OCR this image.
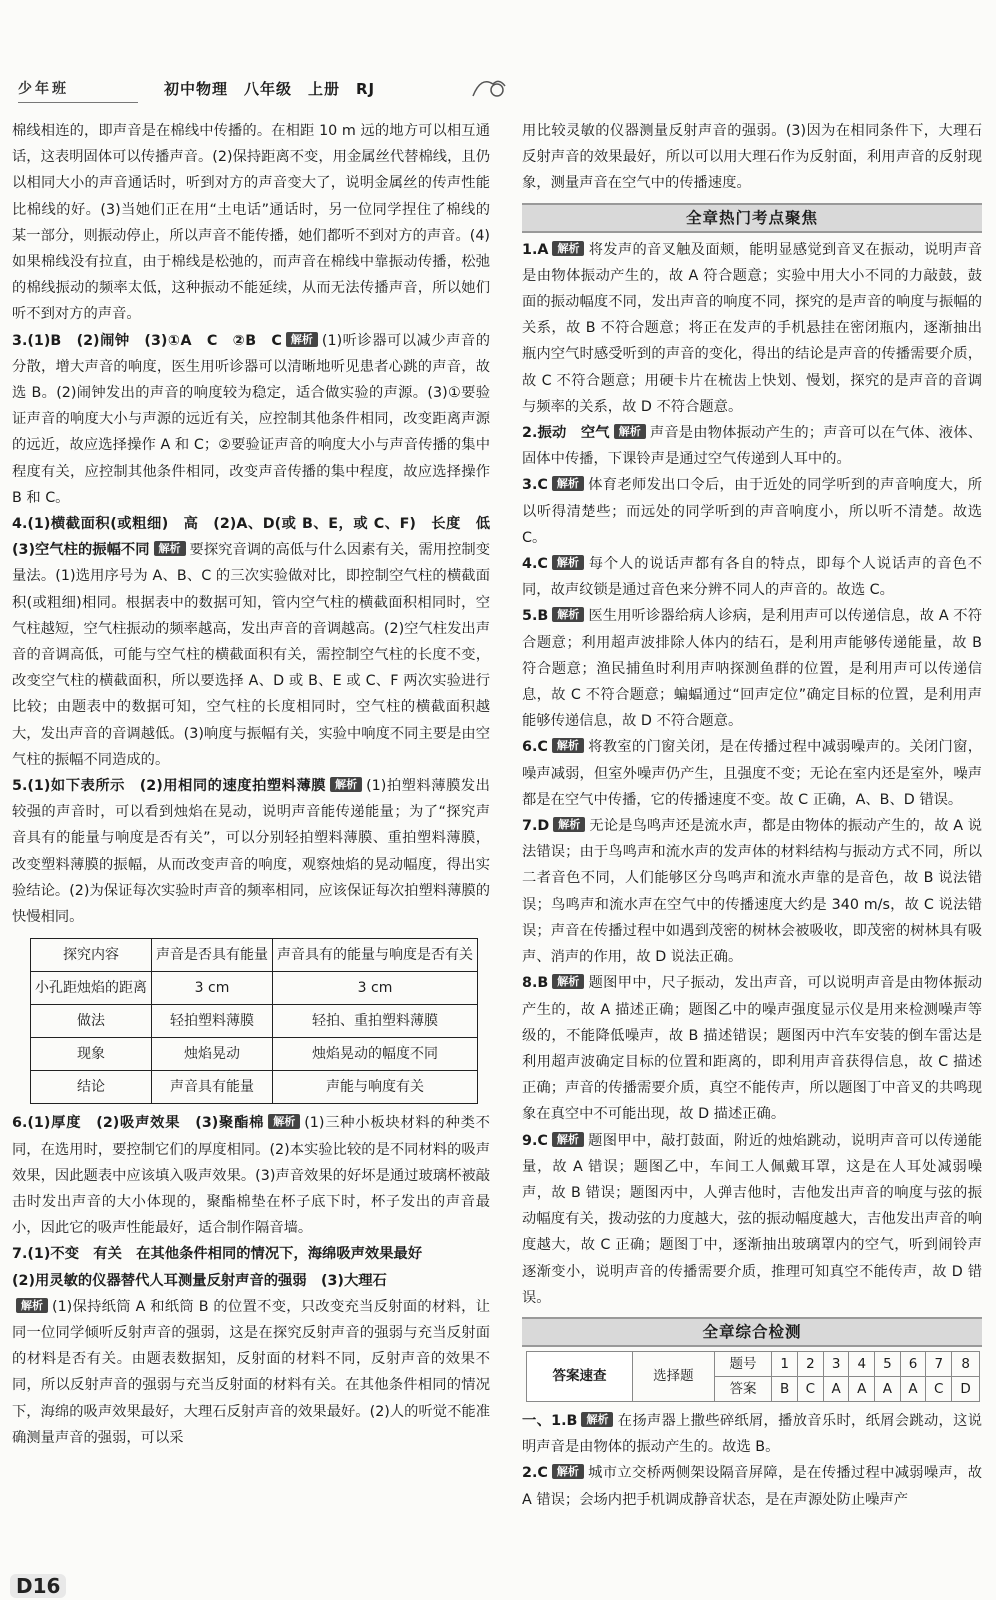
少年班	初中物理　八年级　上册　RJ

棉线相连的，即声音是在棉线中传播的。在相距 10 m 远的地方可以相互通话，这表明固体可以传播声音。(2)保持距离不变，用金属丝代替棉线，且仍以相同大小的声音通话时，听到对方的声音变大了，说明金属丝的传声性能比棉线的好。(3)当她们正在用“土电话”通话时，另一位同学捏住了棉线的某一部分，则振动停止，所以声音不能传播，她们都听不到对方的声音。(4)如果棉线没有拉直，由于棉线是松弛的，而声音在棉线中靠振动传播，松弛的棉线振动的频率太低，这种振动不能延续，从而无法传播声音，所以她们听不到对方的声音。

3.(1)B　(2)闹钟　(3)①A　C　②B　C 解析 (1)听诊器可以减少声音的分散，增大声音的响度，医生用听诊器可以清晰地听见患者心跳的声音，故选 B。(2)闹钟发出的声音的响度较为稳定，适合做实验的声源。(3)①要验证声音的响度大小与声源的远近有关，应控制其他条件相同，改变距离声源的远近，故应选择操作 A 和 C；②要验证声音的响度大小与声音传播的集中程度有关，应控制其他条件相同，改变声音传播的集中程度，故应选择操作 B 和 C。

4.(1)横截面积(或粗细)　高　(2)A、D(或 B、E，或 C、F)　长度　低　(3)空气柱的振幅不同 解析 要探究音调的高低与什么因素有关，需用控制变量法。(1)选用序号为 A、B、C 的三次实验做对比，即控制空气柱的横截面积(或粗细)相同。根据表中的数据可知，管内空气柱的横截面积相同时，空气柱越短，空气柱振动的频率越高，发出声音的音调越高。(2)空气柱发出声音的音调高低，可能与空气柱的横截面积有关，需控制空气柱的长度不变，改变空气柱的横截面积，所以要选择 A、D 或 B、E 或 C、F 两次实验进行比较；由题表中的数据可知，空气柱的长度相同时，空气柱的横截面积越大，发出声音的音调越低。(3)响度与振幅有关，实验中响度不同主要是由空气柱的振幅不同造成的。

5.(1)如下表所示　(2)用相同的速度拍塑料薄膜 解析 (1)拍塑料薄膜发出较强的声音时，可以看到烛焰在晃动，说明声音能传递能量；为了“探究声音具有的能量与响度是否有关”，可以分别轻拍塑料薄膜、重拍塑料薄膜，改变塑料薄膜的振幅，从而改变声音的响度，观察烛焰的晃动幅度，得出实验结论。(2)为保证每次实验时声音的频率相同，应该保证每次拍塑料薄膜的快慢相同。

探究内容	声音是否具有能量	声音具有的能量与响度是否有关
小孔距烛焰的距离	3 cm	3 cm
做法	轻拍塑料薄膜	轻拍、重拍塑料薄膜
现象	烛焰晃动	烛焰晃动的幅度不同
结论	声音具有能量	声能与响度有关

6.(1)厚度　(2)吸声效果　(3)聚酯棉 解析 (1)三种小板块材料的种类不同，在选用时，要控制它们的厚度相同。(2)本实验比较的是不同材料的吸声效果，因此题表中应该填入吸声效果。(3)声音效果的好坏是通过玻璃杯被敲击时发出声音的大小体现的，聚酯棉垫在杯子底下时，杯子发出的声音最小，因此它的吸声性能最好，适合制作隔音墙。

7.(1)不变　有关　在其他条件相同的情况下，海绵吸声效果最好

(2)用灵敏的仪器替代人耳测量反射声音的强弱　(3)大理石

解析 (1)保持纸筒 A 和纸筒 B 的位置不变，只改变充当反射面的材料，让同一位同学倾听反射声音的强弱，这是在探究反射声音的强弱与充当反射面的材料是否有关。由题表数据知，反射面的材料不同，反射声音的效果不同，所以反射声音的强弱与充当反射面的材料有关。在其他条件相同的情况下，海绵的吸声效果最好，大理石反射声音的效果最好。(2)人的听觉不能准确测量声音的强弱，可以采

用比较灵敏的仪器测量反射声音的强弱。(3)因为在相同条件下，大理石反射声音的效果最好，所以可以用大理石作为反射面，利用声音的反射现象，测量声音在空气中的传播速度。

全章热门考点聚焦

1.A 解析 将发声的音叉触及面颊，能明显感觉到音叉在振动，说明声音是由物体振动产生的，故 A 符合题意；实验中用大小不同的力敲鼓，鼓面的振动幅度不同，发出声音的响度不同，探究的是声音的响度与振幅的关系，故 B 不符合题意；将正在发声的手机悬挂在密闭瓶内，逐渐抽出瓶内空气时感受听到的声音的变化，得出的结论是声音的传播需要介质，故 C 不符合题意；用硬卡片在梳齿上快划、慢划，探究的是声音的音调与频率的关系，故 D 不符合题意。

2.振动　空气 解析 声音是由物体振动产生的；声音可以在气体、液体、固体中传播，下课铃声是通过空气传递到人耳中的。

3.C 解析 体育老师发出口令后，由于近处的同学听到的声音响度大，所以听得清楚些；而远处的同学听到的声音响度小，所以听不清楚。故选 C。

4.C 解析 每个人的说话声都有各自的特点，即每个人说话声的音色不同，故声纹锁是通过音色来分辨不同人的声音的。故选 C。

5.B 解析 医生用听诊器给病人诊病，是利用声可以传递信息，故 A 不符合题意；利用超声波排除人体内的结石，是利用声能够传递能量，故 B 符合题意；渔民捕鱼时利用声呐探测鱼群的位置，是利用声可以传递信息，故 C 不符合题意；蝙蝠通过“回声定位”确定目标的位置，是利用声能够传递信息，故 D 不符合题意。

6.C 解析 将教室的门窗关闭，是在传播过程中减弱噪声的。关闭门窗，噪声减弱，但室外噪声仍产生，且强度不变；无论在室内还是室外，噪声都是在空气中传播，它的传播速度不变。故 C 正确，A、B、D 错误。

7.D 解析 无论是鸟鸣声还是流水声，都是由物体的振动产生的，故 A 说法错误；由于鸟鸣声和流水声的发声体的材料结构与振动方式不同，所以二者音色不同，人们能够区分鸟鸣声和流水声靠的是音色，故 B 说法错误；鸟鸣声和流水声在空气中的传播速度大约是 340 m/s，故 C 说法错误；声音在传播过程中如遇到茂密的树林会被吸收，即茂密的树林具有吸声、消声的作用，故 D 说法正确。

8.B 解析 题图甲中，尺子振动，发出声音，可以说明声音是由物体振动产生的，故 A 描述正确；题图乙中的噪声强度显示仪是用来检测噪声等级的，不能降低噪声，故 B 描述错误；题图丙中汽车安装的倒车雷达是利用超声波确定目标的位置和距离的，即利用声音获得信息，故 C 描述正确；声音的传播需要介质，真空不能传声，所以题图丁中音叉的共鸣现象在真空中不可能出现，故 D 描述正确。

9.C 解析 题图甲中，敲打鼓面，附近的烛焰跳动，说明声音可以传递能量，故 A 错误；题图乙中，车间工人佩戴耳罩，这是在人耳处减弱噪声，故 B 错误；题图丙中，人弹吉他时，吉他发出声音的响度与弦的振动幅度有关，拨动弦的力度越大，弦的振动幅度越大，吉他发出声音的响度越大，故 C 正确；题图丁中，逐渐抽出玻璃罩内的空气，听到闹铃声逐渐变小，说明声音的传播需要介质，推理可知真空不能传声，故 D 错误。

全章综合检测
答案速查	选择题	题号	1	2	3	4	5	6	7	8
		答案	B	C	A	A	A	A	C	D

一、1.B 解析 在扬声器上撒些碎纸屑，播放音乐时，纸屑会跳动，这说明声音是由物体的振动产生的。故选 B。

2.C 解析 城市立交桥两侧架设隔音屏障，是在传播过程中减弱噪声，故 A 错误；会场内把手机调成静音状态，是在声源处防止噪声产

D16
